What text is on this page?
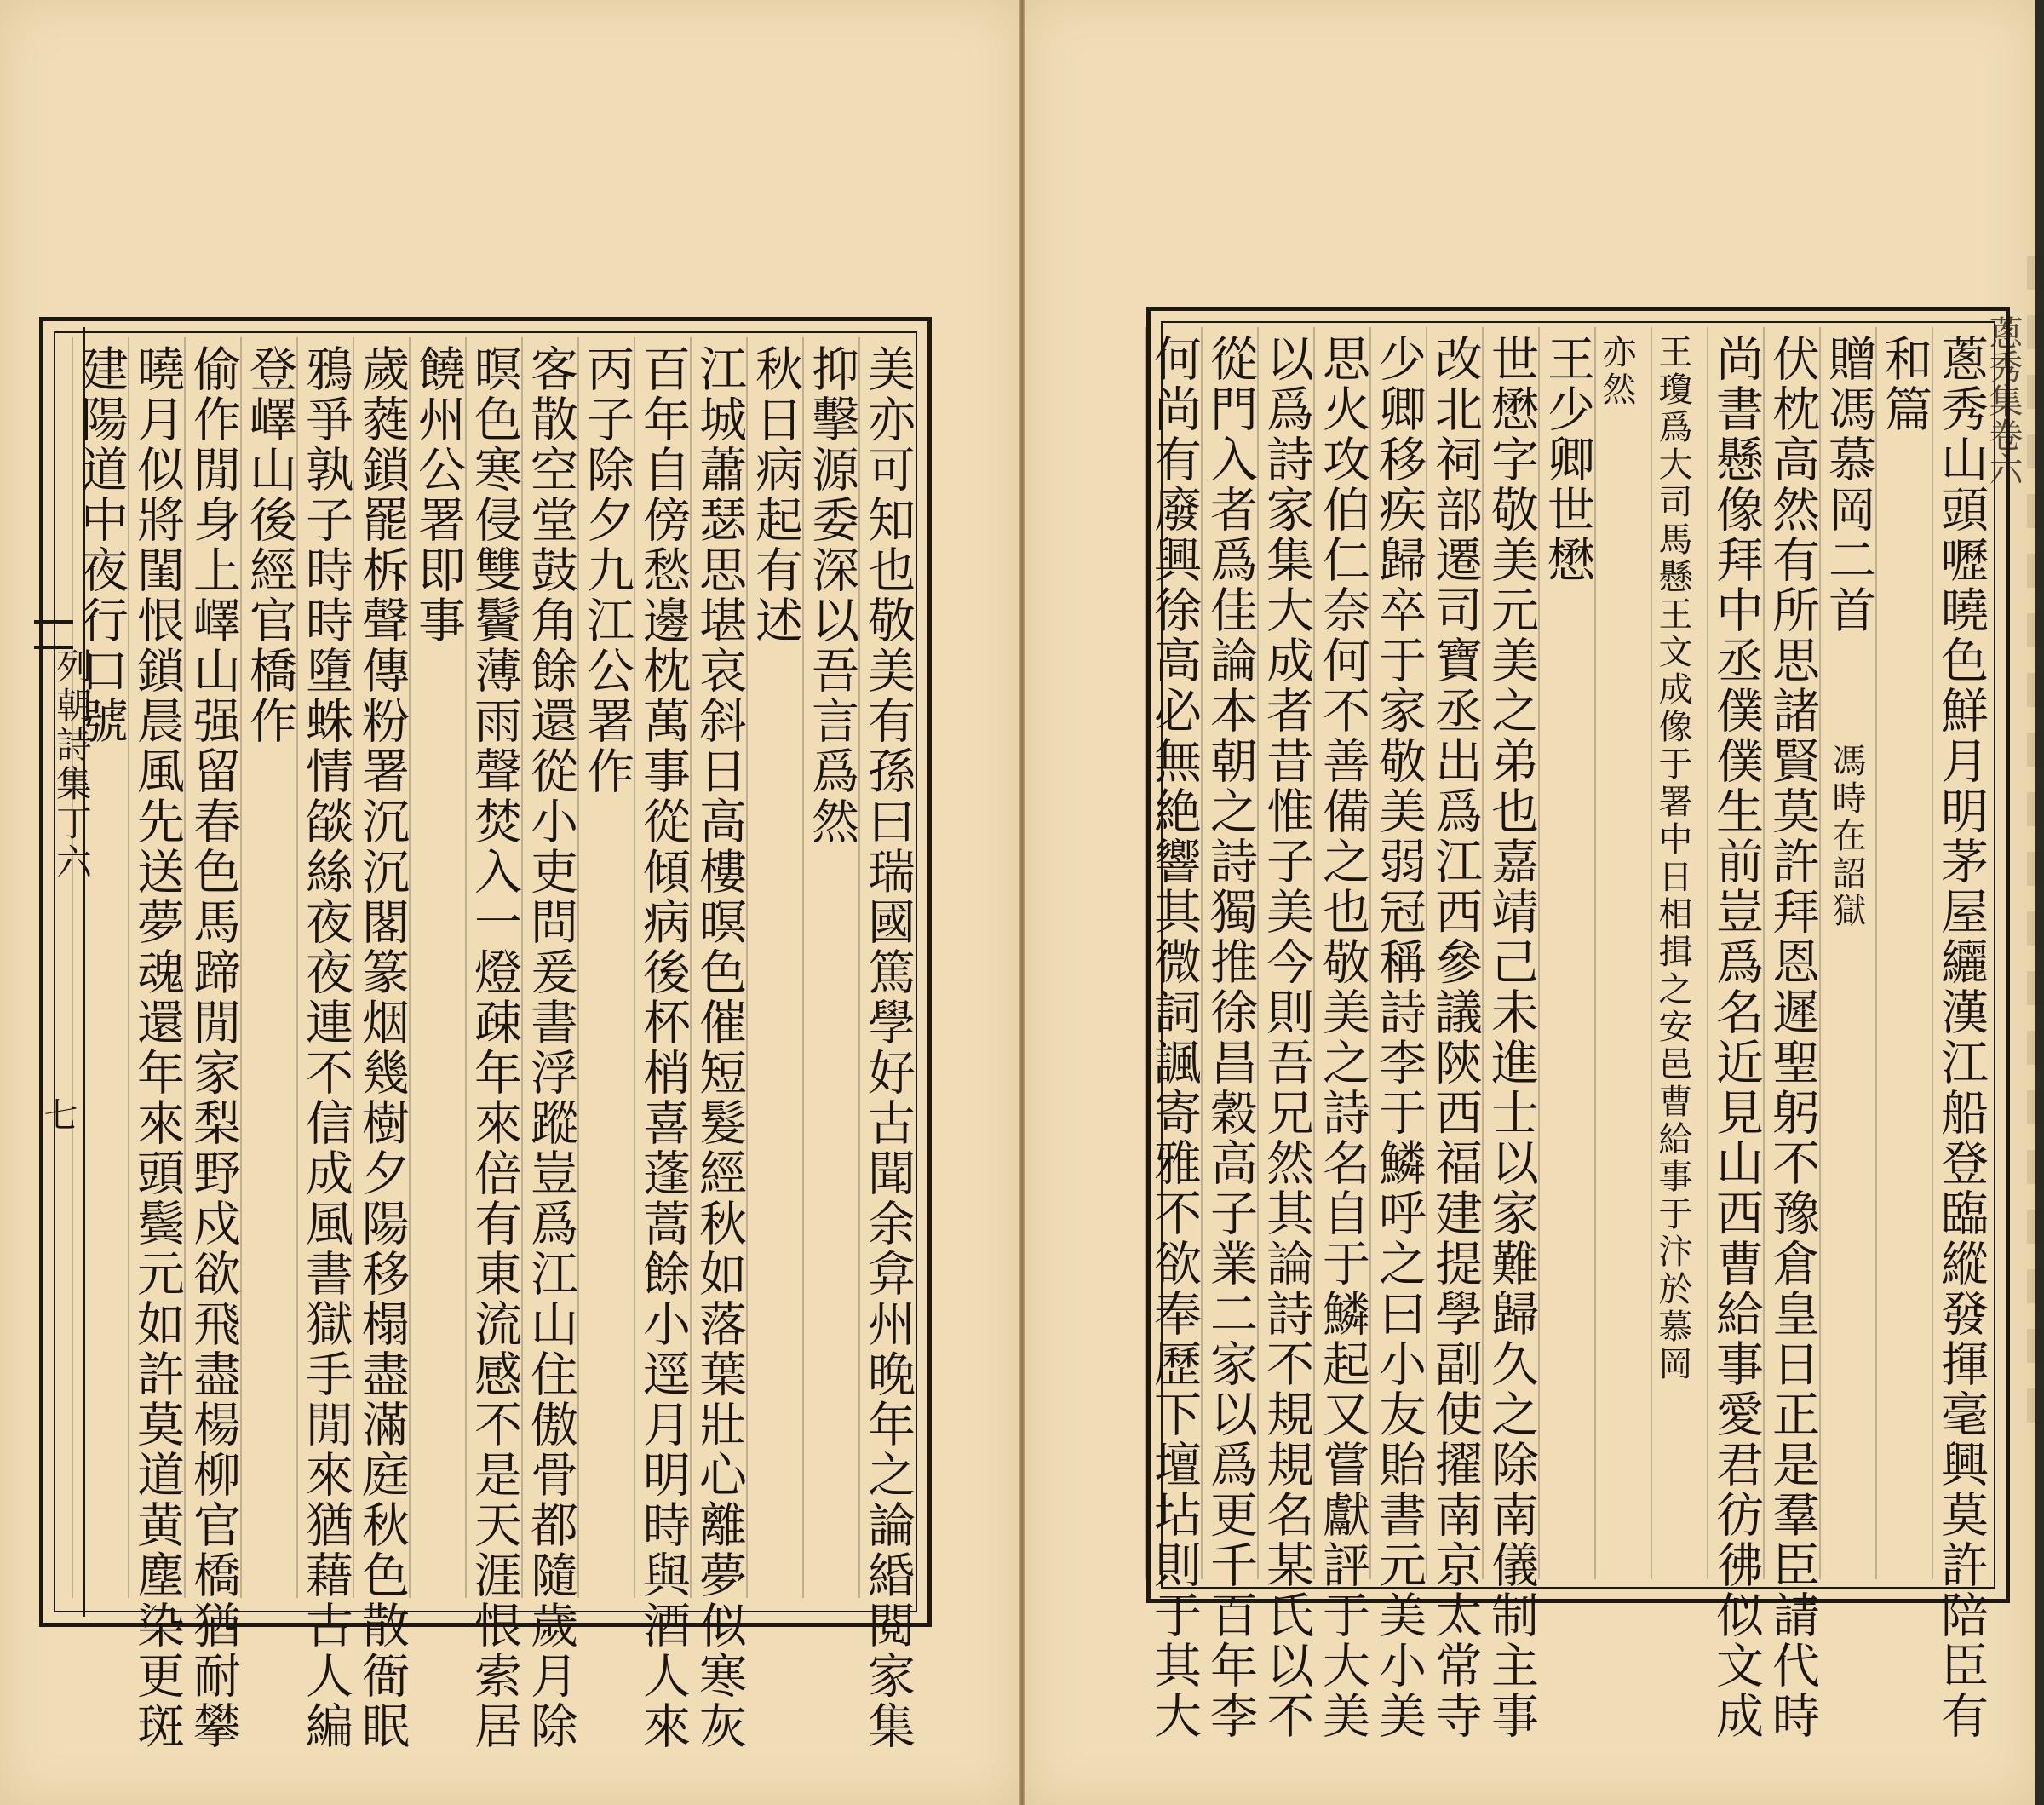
列朝詩集丁六
七	美亦可知也敬美有孫曰瑞國篤學好古聞余弇州晚年之論緍閱家集
抑擊源委深以吾言爲然
秋日病起有述
江城蕭瑟思堪哀斜日高樓暝色催短髮經秋如落葉壯心離夢似寒灰
百年自傍愁邊枕萬事從傾病後杯梢喜蓬蒿餘小逕月明時與酒人來
丙子除夕九江公署作
客散空堂鼓角餘還從小吏問爰書浮蹤豈爲江山住傲骨都隨歲月除
暝色寒侵雙鬢薄雨聲焚入一燈疎年來倍有東流感不是天涯恨索居
饒州公署即事
歲蕤鎖罷柝聲傳粉署沉沉閣篆烟幾樹夕陽移榻盡滿庭秋色散衙眠
鴉爭孰子時時墮蛛情燄絲夜夜連不信成風書獄手閒來猶藉古人編
登嶧山後經官橋作
偷作閒身上嶧山强留春色馬蹄閒家梨野戍欲飛盡楊柳官橋猶耐攀
曉月似將閨恨鎖晨風先送夢魂還年來頭鬓元如許莫道黄塵染更斑
建陽道中夜行口號	蔥秀集卷六
蔥秀山頭嚦曉色鮮月明茅屋纚漢江船登臨縱發揮毫興莫許陪臣有
和篇
贈馮慕岡二首
馮時在詔獄
伏枕高然有所思諸賢莫許拜恩遲聖躬不豫倉皇日正是羣臣請代時
尚書懸像拜中丞僕僕生前豈爲名近見山西曹給事愛君彷彿似文成
王瓊爲大司馬懸王文成像于署中日相揖之安邑曹給事于汴於慕岡
亦然
王少卿世懋
世懋字敬美元美之弟也嘉靖己未進士以家難歸久之除南儀制主事
改北祠部遷司寶丞出爲江西參議陝西福建提學副使擢南京太常寺
少卿移疾歸卒于家敬美弱冠稱詩李于鱗呼之曰小友貽書元美小美
思火攻伯仁奈何不善備之也敬美之詩名自于鱗起又嘗獻評于大美
以爲詩家集大成者昔惟子美今則吾兄然其論詩不規規名某氏以不
從門入者爲佳論本朝之詩獨推徐昌穀高子業二家以爲更千百年李
何尚有廢興徐高必無絶響其微詞諷寄雅不欲奉歷下壇坫則于其大
